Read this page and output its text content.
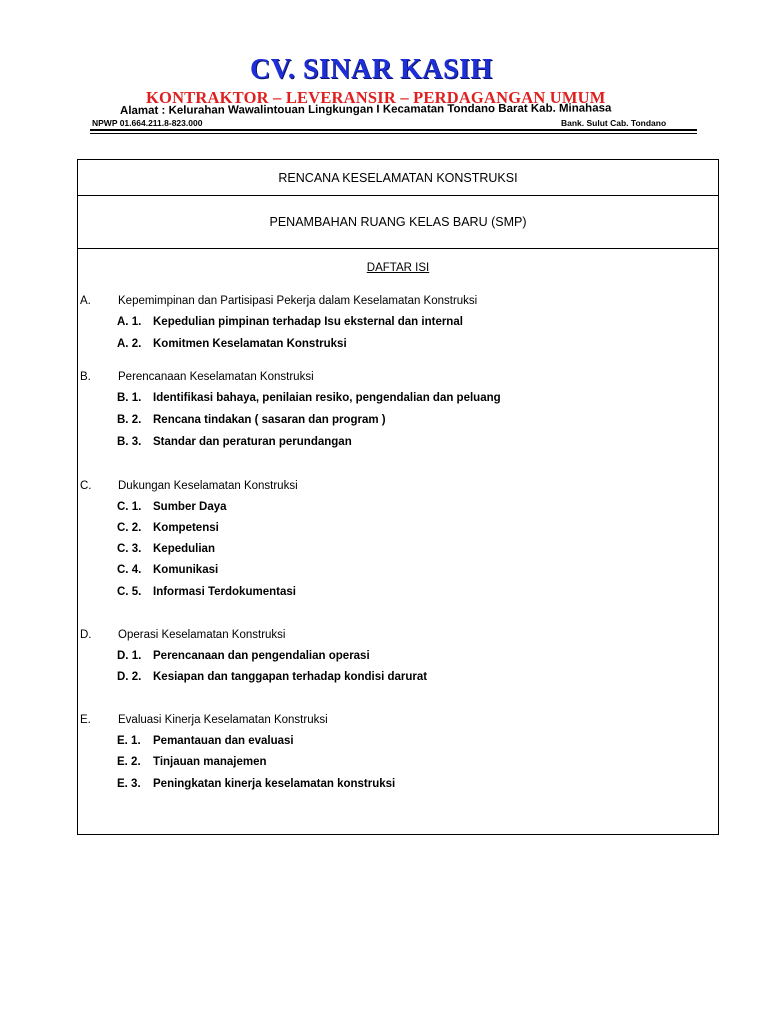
CV. SINAR KASIH
KONTRAKTOR – LEVERANSIR – PERDAGANGAN UMUM
Alamat : Kelurahan Wawalintouan Lingkungan I Kecamatan Tondano Barat Kab. Minahasa
NPWP 01.664.211.8-823.000	Bank. Sulut Cab. Tondano
RENCANA KESELAMATAN KONSTRUKSI
PENAMBAHAN RUANG KELAS BARU (SMP)
DAFTAR ISI
A. Kepemimpinan dan Partisipasi Pekerja dalam Keselamatan Konstruksi
A. 1. Kepedulian pimpinan terhadap Isu eksternal dan internal
A. 2. Komitmen Keselamatan Konstruksi
B. Perencanaan Keselamatan Konstruksi
B. 1. Identifikasi bahaya, penilaian resiko, pengendalian dan peluang
B. 2. Rencana tindakan ( sasaran dan program )
B. 3. Standar dan peraturan perundangan
C. Dukungan Keselamatan Konstruksi
C. 1. Sumber Daya
C. 2. Kompetensi
C. 3. Kepedulian
C. 4. Komunikasi
C. 5. Informasi Terdokumentasi
D. Operasi Keselamatan Konstruksi
D. 1. Perencanaan dan pengendalian operasi
D. 2. Kesiapan dan tanggapan terhadap kondisi darurat
E. Evaluasi Kinerja Keselamatan Konstruksi
E. 1. Pemantauan dan evaluasi
E. 2. Tinjauan manajemen
E. 3. Peningkatan kinerja keselamatan konstruksi
